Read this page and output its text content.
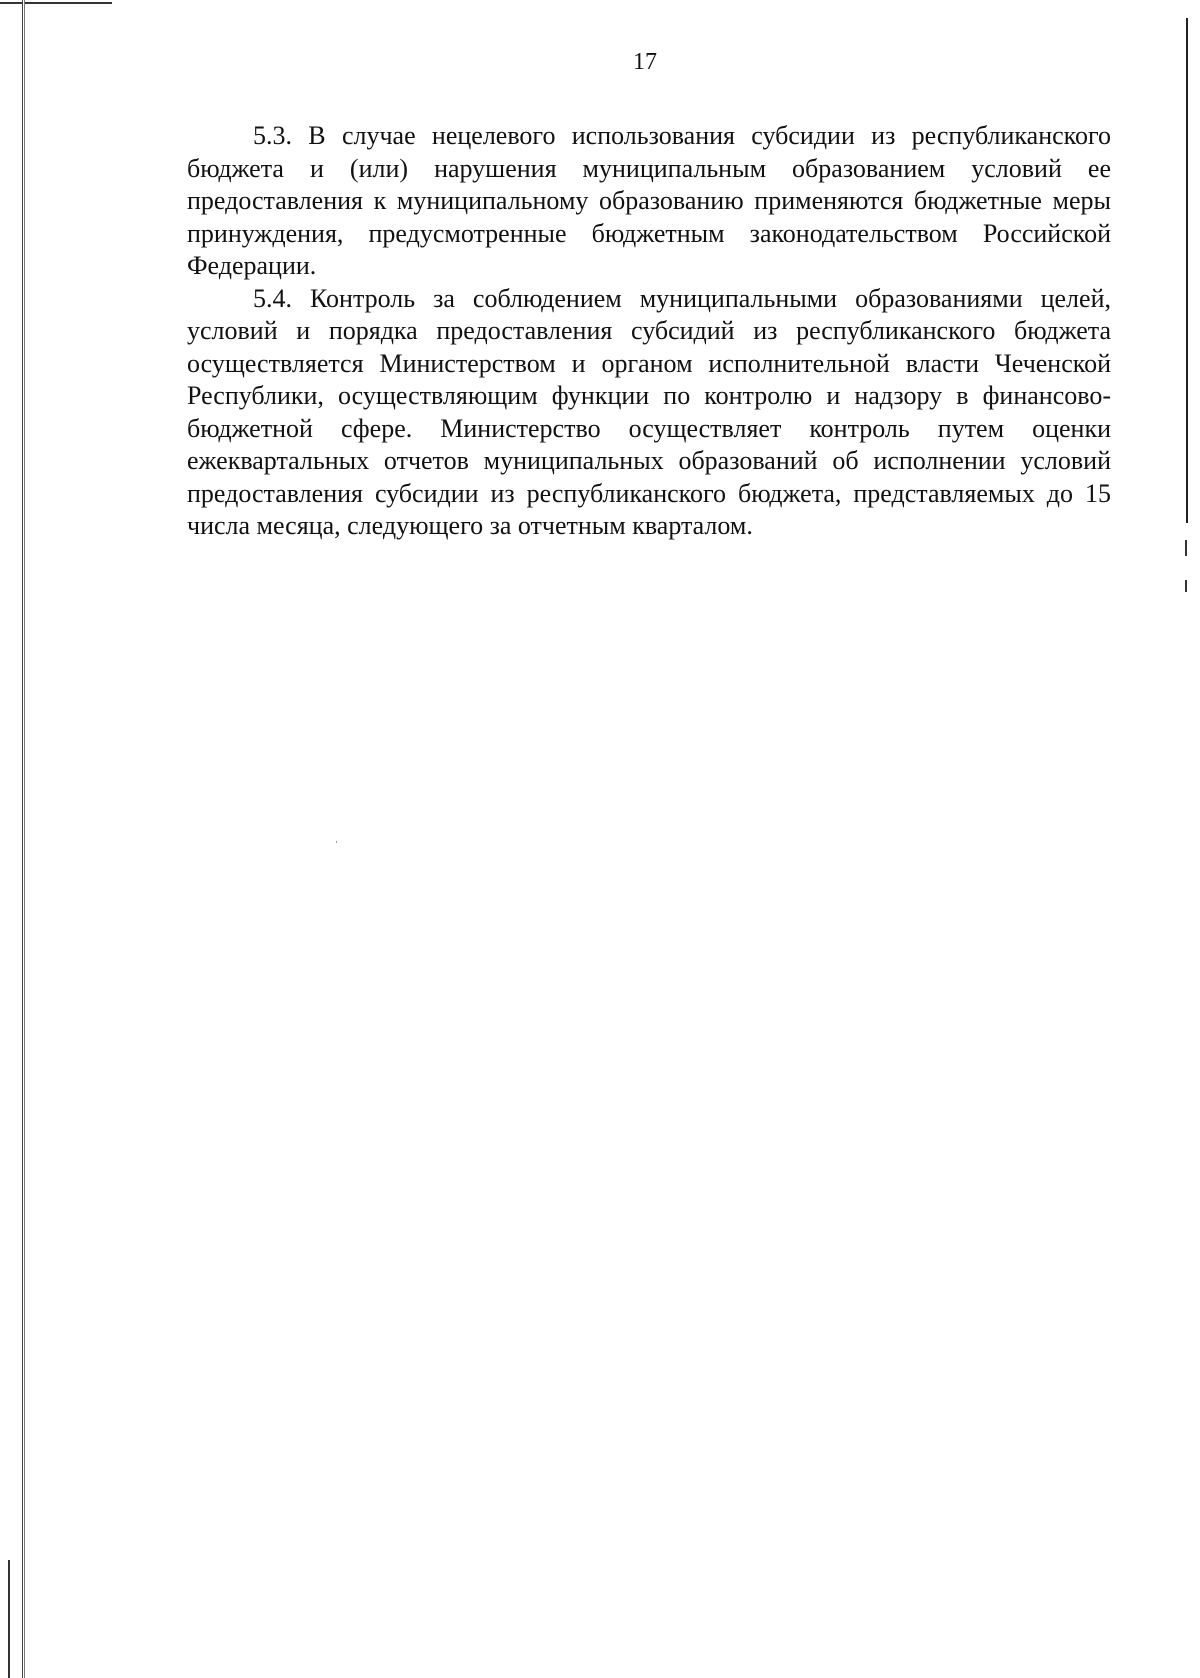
17

5.3. В случае нецелевого использования субсидии из республиканского бюджета и (или) нарушения муниципальным образованием условий ее предоставления к муниципальному образованию применяются бюджетные меры принуждения, предусмотренные бюджетным законодательством Российской Федерации.

5.4. Контроль за соблюдением муниципальными образованиями целей, условий и порядка предоставления субсидий из республиканского бюджета осуществляется Министерством и органом исполнительной власти Чеченской Республики, осуществляющим функции по контролю и надзору в финансово-бюджетной сфере. Министерство осуществляет контроль путем оценки ежеквартальных отчетов муниципальных образований об исполнении условий предоставления субсидии из республиканского бюджета, представляемых до 15 числа месяца, следующего за отчетным кварталом.
